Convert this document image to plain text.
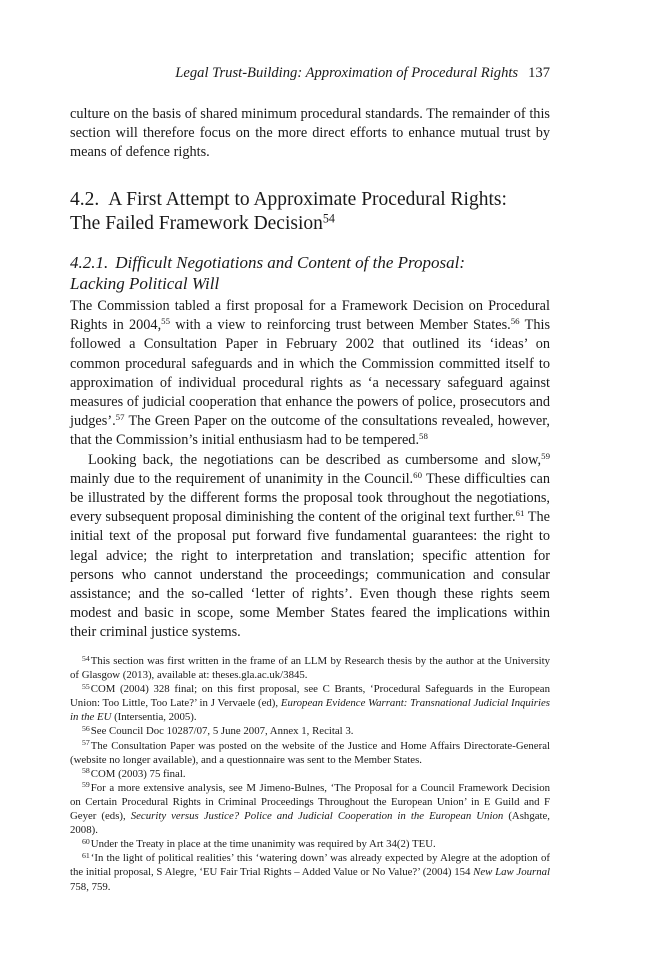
Legal Trust-Building: Approximation of Procedural Rights 137

culture on the basis of shared minimum procedural standards. The remainder of this section will therefore focus on the more direct efforts to enhance mutual trust by means of defence rights.

4.2. A First Attempt to Approximate Procedural Rights:
The Failed Framework Decision$^{54}$
4.2.1. Difficult Negotiations and Content of the Proposal:
Lacking Political Will

The Commission tabled a first proposal for a Framework Decision on Procedural Rights in 2004,55 with a view to reinforcing trust between Member States.$^{56}$ This followed a Consultation Paper in February 2002 that outlined its ‘ideas’ on common procedural safeguards and in which the Commission committed itself to approximation of individual procedural rights as ‘a necessary safeguard against measures of judicial cooperation that enhance the powers of police, prosecutors and judges’.$^{57}$ The Green Paper on the outcome of the consultations revealed, however, that the Commission’s initial enthusiasm had to be tempered.$^{58}$

Looking back, the negotiations can be described as cumbersome and slow,$^{59}$ mainly due to the requirement of unanimity in the Council.$^{60}$ These difficulties can be illustrated by the different forms the proposal took throughout the negotiations, every subsequent proposal diminishing the content of the original text further.$^{61}$ The initial text of the proposal put forward five fundamental guarantees: the right to legal advice; the right to interpretation and translation; specific attention for persons who cannot understand the proceedings; communication and consular assistance; and the so-called ‘letter of rights’. Even though these rights seem modest and basic in scope, some Member States feared the implications within their criminal justice systems.

$^{54}$This section was first written in the frame of an LLM by Research thesis by the author at the University of Glasgow (2013), available at: theses.gla.ac.uk/3845.

$^{55}$COM (2004) 328 final; on this first proposal, see C Brants, ‘Procedural Safeguards in the European Union: Too Little, Too Late?’ in J Vervaele (ed), European Evidence Warrant: Transnational Judicial Inquiries in the EU (Intersentia, 2005).

$^{56}$See Council Doc 10287/07, 5 June 2007, Annex 1, Recital 3.

$^{57}$The Consultation Paper was posted on the website of the Justice and Home Affairs Directorate-General (website no longer available), and a questionnaire was sent to the Member States.

$^{58}$COM (2003) 75 final.

$^{59}$For a more extensive analysis, see M Jimeno-Bulnes, ‘The Proposal for a Council Framework Decision on Certain Procedural Rights in Criminal Proceedings Throughout the European Union’ in E Guild and F Geyer (eds), Security versus Justice? Police and Judicial Cooperation in the European Union (Ashgate, 2008).

$^{60}$Under the Treaty in place at the time unanimity was required by Art 34(2) TEU.

$^{61}$‘In the light of political realities’ this ‘watering down’ was already expected by Alegre at the adoption of the initial proposal, S Alegre, ‘EU Fair Trial Rights – Added Value or No Value?’ (2004) 154 New Law Journal 758, 759.
